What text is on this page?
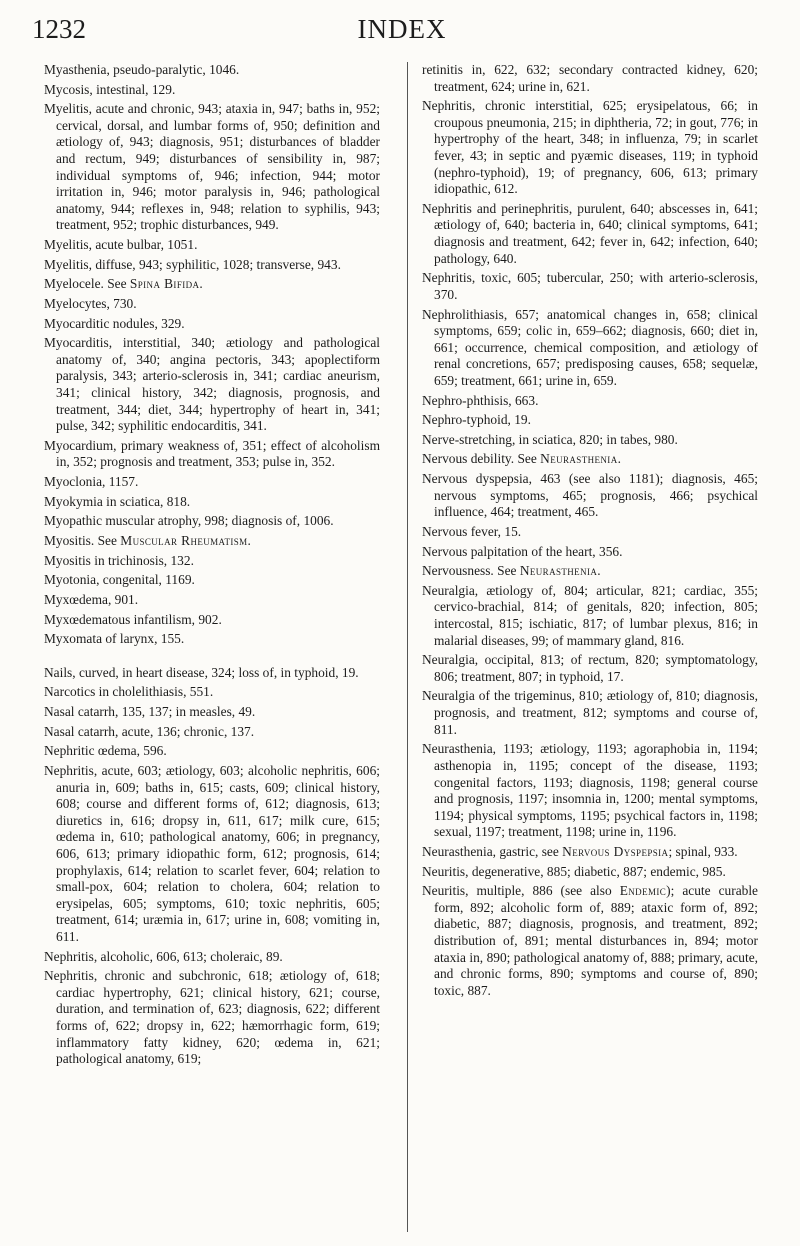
1232	INDEX

Myasthenia, pseudo-paralytic, 1046.

Mycosis, intestinal, 129.

Myelitis, acute and chronic, 943; ataxia in, 947; baths in, 952; cervical, dorsal, and lumbar forms of, 950; definition and ætiology of, 943; diagnosis, 951; disturbances of bladder and rectum, 949; disturbances of sensibility in, 987; individual symptoms of, 946; infection, 944; motor irritation in, 946; motor paralysis in, 946; pathological anatomy, 944; reflexes in, 948; relation to syphilis, 943; treatment, 952; trophic disturbances, 949.

Myelitis, acute bulbar, 1051.

Myelitis, diffuse, 943; syphilitic, 1028; transverse, 943.

Myelocele. See Spina Bifida.

Myelocytes, 730.

Myocarditic nodules, 329.

Myocarditis, interstitial, 340; ætiology and pathological anatomy of, 340; angina pectoris, 343; apoplectiform paralysis, 343; arterio-sclerosis in, 341; cardiac aneurism, 341; clinical history, 342; diagnosis, prognosis, and treatment, 344; diet, 344; hypertrophy of heart in, 341; pulse, 342; syphilitic endocarditis, 341.

Myocardium, primary weakness of, 351; effect of alcoholism in, 352; prognosis and treatment, 353; pulse in, 352.

Myoclonia, 1157.

Myokymia in sciatica, 818.

Myopathic muscular atrophy, 998; diagnosis of, 1006.

Myositis. See Muscular Rheumatism.

Myositis in trichinosis, 132.

Myotonia, congenital, 1169.

Myxœdema, 901.

Myxœdematous infantilism, 902.

Myxomata of larynx, 155.

Nails, curved, in heart disease, 324; loss of, in typhoid, 19.

Narcotics in cholelithiasis, 551.

Nasal catarrh, 135, 137; in measles, 49.

Nasal catarrh, acute, 136; chronic, 137.

Nephritic œdema, 596.

Nephritis, acute, 603; ætiology, 603; alcoholic nephritis, 606; anuria in, 609; baths in, 615; casts, 609; clinical history, 608; course and different forms of, 612; diagnosis, 613; diuretics in, 616; dropsy in, 611, 617; milk cure, 615; œdema in, 610; pathological anatomy, 606; in pregnancy, 606, 613; primary idiopathic form, 612; prognosis, 614; prophylaxis, 614; relation to scarlet fever, 604; relation to small-pox, 604; relation to cholera, 604; relation to erysipelas, 605; symptoms, 610; toxic nephritis, 605; treatment, 614; uræmia in, 617; urine in, 608; vomiting in, 611.

Nephritis, alcoholic, 606, 613; choleraic, 89.

Nephritis, chronic and subchronic, 618; ætiology of, 618; cardiac hypertrophy, 621; clinical history, 621; course, duration, and termination of, 623; diagnosis, 622; different forms of, 622; dropsy in, 622; hæmorrhagic form, 619; inflammatory fatty kidney, 620; œdema in, 621; pathological anatomy, 619;

retinitis in, 622, 632; secondary contracted kidney, 620; treatment, 624; urine in, 621.

Nephritis, chronic interstitial, 625; erysipelatous, 66; in croupous pneumonia, 215; in diphtheria, 72; in gout, 776; in hypertrophy of the heart, 348; in influenza, 79; in scarlet fever, 43; in septic and pyæmic diseases, 119; in typhoid (nephro-typhoid), 19; of pregnancy, 606, 613; primary idiopathic, 612.

Nephritis and perinephritis, purulent, 640; abscesses in, 641; ætiology of, 640; bacteria in, 640; clinical symptoms, 641; diagnosis and treatment, 642; fever in, 642; infection, 640; pathology, 640.

Nephritis, toxic, 605; tubercular, 250; with arterio-sclerosis, 370.

Nephrolithiasis, 657; anatomical changes in, 658; clinical symptoms, 659; colic in, 659–662; diagnosis, 660; diet in, 661; occurrence, chemical composition, and ætiology of renal concretions, 657; predisposing causes, 658; sequelæ, 659; treatment, 661; urine in, 659.

Nephro-phthisis, 663.

Nephro-typhoid, 19.

Nerve-stretching, in sciatica, 820; in tabes, 980.

Nervous debility. See Neurasthenia.

Nervous dyspepsia, 463 (see also 1181); diagnosis, 465; nervous symptoms, 465; prognosis, 466; psychical influence, 464; treatment, 465.

Nervous fever, 15.

Nervous palpitation of the heart, 356.

Nervousness. See Neurasthenia.

Neuralgia, ætiology of, 804; articular, 821; cardiac, 355; cervico-brachial, 814; of genitals, 820; infection, 805; intercostal, 815; ischiatic, 817; of lumbar plexus, 816; in malarial diseases, 99; of mammary gland, 816.

Neuralgia, occipital, 813; of rectum, 820; symptomatology, 806; treatment, 807; in typhoid, 17.

Neuralgia of the trigeminus, 810; ætiology of, 810; diagnosis, prognosis, and treatment, 812; symptoms and course of, 811.

Neurasthenia, 1193; ætiology, 1193; agoraphobia in, 1194; asthenopia in, 1195; concept of the disease, 1193; congenital factors, 1193; diagnosis, 1198; general course and prognosis, 1197; insomnia in, 1200; mental symptoms, 1194; physical symptoms, 1195; psychical factors in, 1198; sexual, 1197; treatment, 1198; urine in, 1196.

Neurasthenia, gastric, see Nervous Dyspepsia; spinal, 933.

Neuritis, degenerative, 885; diabetic, 887; endemic, 985.

Neuritis, multiple, 886 (see also Endemic); acute curable form, 892; alcoholic form of, 889; ataxic form of, 892; diabetic, 887; diagnosis, prognosis, and treatment, 892; distribution of, 891; mental disturbances in, 894; motor ataxia in, 890; pathological anatomy of, 888; primary, acute, and chronic forms, 890; symptoms and course of, 890; toxic, 887.
